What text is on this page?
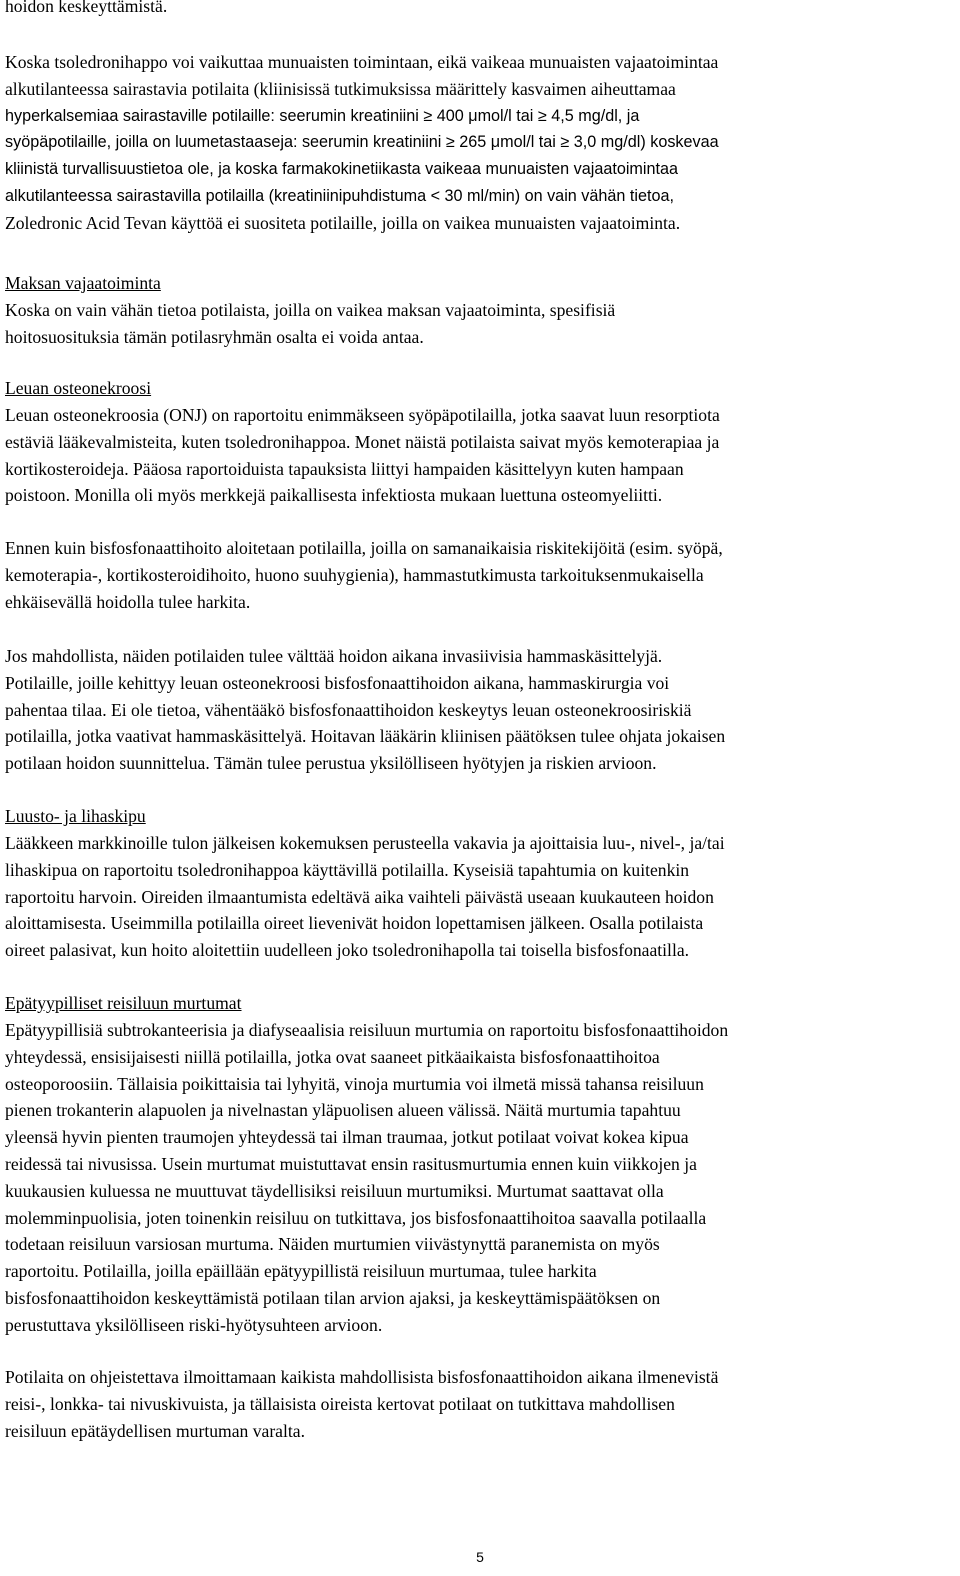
hoidon keskeyttämistä.

Koska tsoledronihappo voi vaikuttaa munuaisten toimintaan, eikä vaikeaa munuaisten vajaatoimintaa
alkutilanteessa sairastavia potilaita (kliinisissä tutkimuksissa määrittely kasvaimen aiheuttamaa
hyperkalsemiaa sairastaville potilaille: seerumin kreatiniini ≥ 400 μmol/l tai ≥ 4,5 mg/dl, ja
syöpäpotilaille, joilla on luumetastaaseja: seerumin kreatiniini ≥ 265 μmol/l tai ≥ 3,0 mg/dl) koskevaa
kliinistä turvallisuustietoa ole, ja koska farmakokinetiikasta vaikeaa munuaisten vajaatoimintaa
alkutilanteessa sairastavilla potilailla (kreatiniinipuhdistuma < 30 ml/min) on vain vähän tietoa,
Zoledronic Acid Tevan käyttöä ei suositeta potilaille, joilla on vaikea munuaisten vajaatoiminta.

Maksan vajaatoiminta

Koska on vain vähän tietoa potilaista, joilla on vaikea maksan vajaatoiminta, spesifisiä
hoitosuosituksia tämän potilasryhmän osalta ei voida antaa.

Leuan osteonekroosi

Leuan osteonekroosia (ONJ) on raportoitu enimmäkseen syöpäpotilailla, jotka saavat luun resorptiota
estäviä lääkevalmisteita, kuten tsoledronihappoa. Monet näistä potilaista saivat myös kemoterapiaa ja
kortikosteroideja. Pääosa raportoiduista tapauksista liittyi hampaiden käsittelyyn kuten hampaan
poistoon. Monilla oli myös merkkejä paikallisesta infektiosta mukaan luettuna osteomyeliitti.

Ennen kuin bisfosfonaattihoito aloitetaan potilailla, joilla on samanaikaisia riskitekijöitä (esim. syöpä,
kemoterapia-, kortikosteroidihoito, huono suuhygienia), hammastutkimusta tarkoituksenmukaisella
ehkäisevällä hoidolla tulee harkita.

Jos mahdollista, näiden potilaiden tulee välttää hoidon aikana invasiivisia hammaskäsittelyjä.
Potilaille, joille kehittyy leuan osteonekroosi bisfosfonaattihoidon aikana, hammaskirurgia voi
pahentaa tilaa. Ei ole tietoa, vähentääkö bisfosfonaattihoidon keskeytys leuan osteonekroosiriskiä
potilailla, jotka vaativat hammaskäsittelyä. Hoitavan lääkärin kliinisen päätöksen tulee ohjata jokaisen
potilaan hoidon suunnittelua. Tämän tulee perustua yksilölliseen hyötyjen ja riskien arvioon.

Luusto- ja lihaskipu

Lääkkeen markkinoille tulon jälkeisen kokemuksen perusteella vakavia ja ajoittaisia luu-, nivel-, ja/tai
lihaskipua on raportoitu tsoledronihappoa käyttävillä potilailla. Kyseisiä tapahtumia on kuitenkin
raportoitu harvoin. Oireiden ilmaantumista edeltävä aika vaihteli päivästä useaan kuukauteen hoidon
aloittamisesta. Useimmilla potilailla oireet lievenivät hoidon lopettamisen jälkeen. Osalla potilaista
oireet palasivat, kun hoito aloitettiin uudelleen joko tsoledronihapolla tai toisella bisfosfonaatilla.

Epätyypilliset reisiluun murtumat

Epätyypillisiä subtrokanteerisia ja diafyseaalisia reisiluun murtumia on raportoitu bisfosfonaattihoidon
yhteydessä, ensisijaisesti niillä potilailla, jotka ovat saaneet pitkäaikaista bisfosfonaattihoitoa
osteoporoosiin. Tällaisia poikittaisia tai lyhyitä, vinoja murtumia voi ilmetä missä tahansa reisiluun
pienen trokanterin alapuolen ja nivelnastan yläpuolisen alueen välissä. Näitä murtumia tapahtuu
yleensä hyvin pienten traumojen yhteydessä tai ilman traumaa, jotkut potilaat voivat kokea kipua
reidessä tai nivusissa. Usein murtumat muistuttavat ensin rasitusmurtumia ennen kuin viikkojen ja
kuukausien kuluessa ne muuttuvat täydellisiksi reisiluun murtumiksi. Murtumat saattavat olla
molemminpuolisia, joten toinenkin reisiluu on tutkittava, jos bisfosfonaattihoitoa saavalla potilaalla
todetaan reisiluun varsiosan murtuma. Näiden murtumien viivästynyttä paranemista on myös
raportoitu. Potilailla, joilla epäillään epätyypillistä reisiluun murtumaa, tulee harkita
bisfosfonaattihoidon keskeyttämistä potilaan tilan arvion ajaksi, ja keskeyttämispäätöksen on
perustuttava yksilölliseen riski-hyötysuhteen arvioon.

Potilaita on ohjeistettava ilmoittamaan kaikista mahdollisista bisfosfonaattihoidon aikana ilmenevistä
reisi-, lonkka- tai nivuskivuista, ja tällaisista oireista kertovat potilaat on tutkittava mahdollisen
reisiluun epätäydellisen murtuman varalta.

5
